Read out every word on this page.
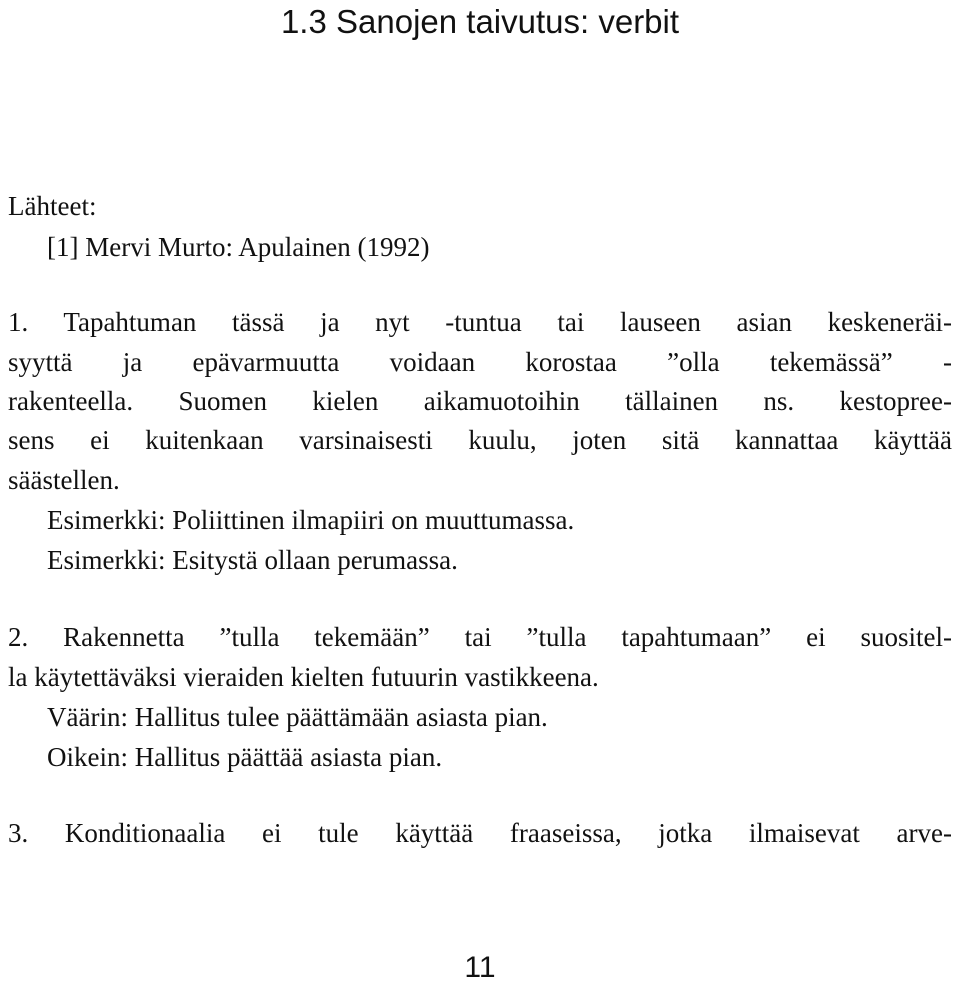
1.3 Sanojen taivutus: verbit
Lähteet:
[1] Mervi Murto: Apulainen (1992)
1. Tapahtuman tässä ja nyt -tuntua tai lauseen asian keskeneräi-
syyttä ja epävarmuutta voidaan korostaa ”olla tekemässä” -
rakenteella. Suomen kielen aikamuotoihin tällainen ns. kestopree-
sens ei kuitenkaan varsinaisesti kuulu, joten sitä kannattaa käyttää
säästellen.
Esimerkki: Poliittinen ilmapiiri on muuttumassa.
Esimerkki: Esitystä ollaan perumassa.
2. Rakennetta ”tulla tekemään” tai ”tulla tapahtumaan” ei suositel-
la käytettäväksi vieraiden kielten futuurin vastikkeena.
Väärin: Hallitus tulee päättämään asiasta pian.
Oikein: Hallitus päättää asiasta pian.
3. Konditionaalia ei tule käyttää fraaseissa, jotka ilmaisevat arve-
11
